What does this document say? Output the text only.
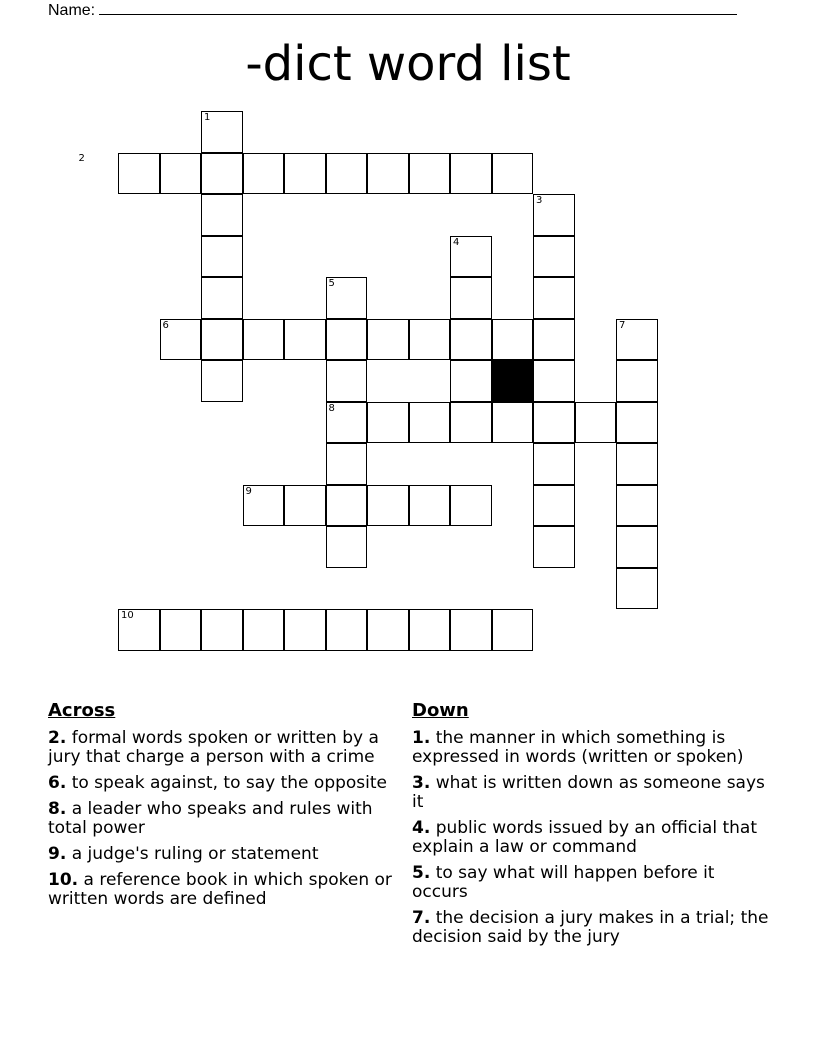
Name:
-dict word list
1
3
4
5
6	7
8
9
10
2
Across
2. formal words spoken or written by a jury that charge a person with a crime
6. to speak against, to say the opposite
8. a leader who speaks and rules with total power
9. a judge's ruling or statement
10. a reference book in which spoken or written words are defined
Down
1. the manner in which something is expressed in words (written or spoken)
3. what is written down as someone says it
4. public words issued by an official that explain a law or command
5. to say what will happen before it occurs
7. the decision a jury makes in a trial; the decision said by the jury
